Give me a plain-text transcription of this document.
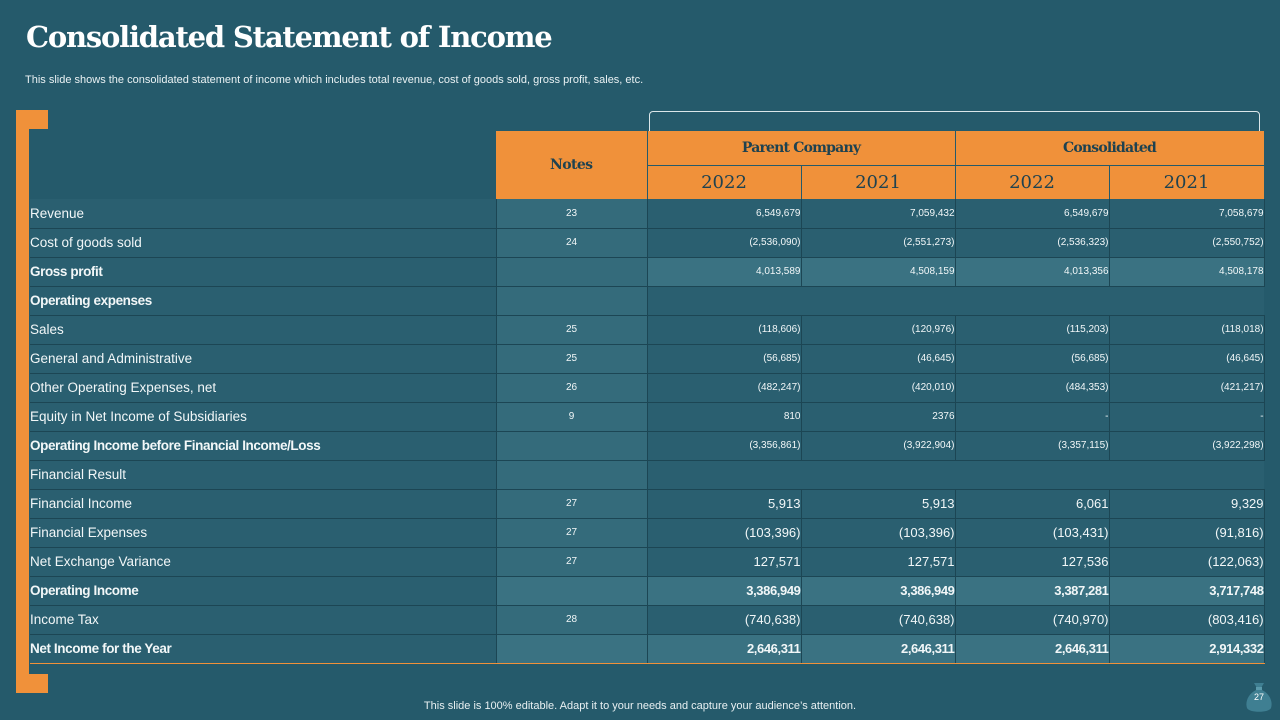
Consolidated Statement of Income
This slide shows the consolidated statement of income which includes total revenue, cost of goods sold, gross profit, sales, etc.
	Notes	Parent Company		Consolidated	
		2022	2021	2022	2021
Revenue	23	6,549,679	7,059,432	6,549,679	7,058,679
Cost of goods sold	24	(2,536,090)	(2,551,273)	(2,536,323)	(2,550,752)
Gross profit		4,013,589	4,508,159	4,013,356	4,508,178
Operating expenses					
Sales	25	(118,606)	(120,976)	(115,203)	(118,018)
General and Administrative	25	(56,685)	(46,645)	(56,685)	(46,645)
Other Operating Expenses, net	26	(482,247)	(420,010)	(484,353)	(421,217)
Equity in Net Income of Subsidiaries	9	810	2376	-	-
Operating Income before Financial Income/Loss		(3,356,861)	(3,922,904)	(3,357,115)	(3,922,298)
Financial Result					
Financial Income	27	5,913	5,913	6,061	9,329
Financial Expenses	27	(103,396)	(103,396)	(103,431)	(91,816)
Net Exchange Variance	27	127,571	127,571	127,536	(122,063)
Operating Income		3,386,949	3,386,949	3,387,281	3,717,748
Income Tax	28	(740,638)	(740,638)	(740,970)	(803,416)
Net Income for the Year		2,646,311	2,646,311	2,646,311	2,914,332
This slide is 100% editable. Adapt it to your needs and capture your audience’s attention.
27
